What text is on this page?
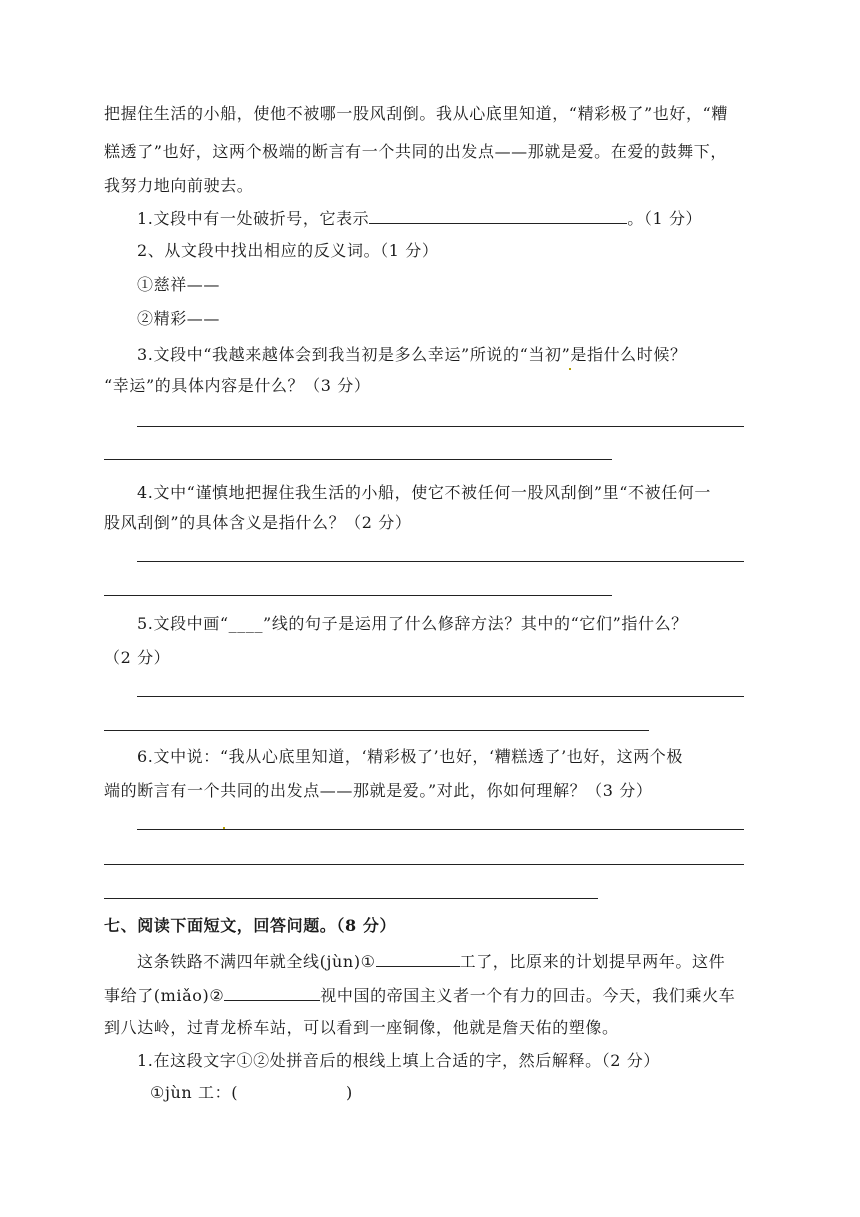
把握住生活的小船，使他不被哪一股风刮倒。我从心底里知道，“精彩极了”也好，“糟
糕透了”也好，这两个极端的断言有一个共同的出发点——那就是爱。在爱的鼓舞下，
我努力地向前驶去。
1.文段中有一处破折号，它表示	。（1 分）
2、从文段中找出相应的反义词。（1 分）
①慈祥——
②精彩——
3.文段中“我越来越体会到我当初是多么幸运”所说的“当初”是指什么时候？
“幸运”的具体内容是什么？（3 分）
4.文中“谨慎地把握住我生活的小船，使它不被任何一股风刮倒”里“不被任何一
股风刮倒”的具体含义是指什么？（2 分）
5.文段中画“____”线的句子是运用了什么修辞方法？其中的“它们”指什么？
（2 分）
6.文中说：“我从心底里知道，‘精彩极了’也好，‘糟糕透了’也好，这两个极
端的断言有一个共同的出发点——那就是爱。”对此，你如何理解？（3 分）
七、阅读下面短文，回答问题。（8 分）
这条铁路不满四年就全线(jùn)①	工了，比原来的计划提早两年。这件
事给了(miǎo)②	视中国的帝国主义者一个有力的回击。今天，我们乘火车
到八达岭，过青龙桥车站，可以看到一座铜像，他就是詹天佑的塑像。
1.在这段文字①②处拼音后的根线上填上合适的字，然后解释。（2 分）
①jùn 工：(	)
